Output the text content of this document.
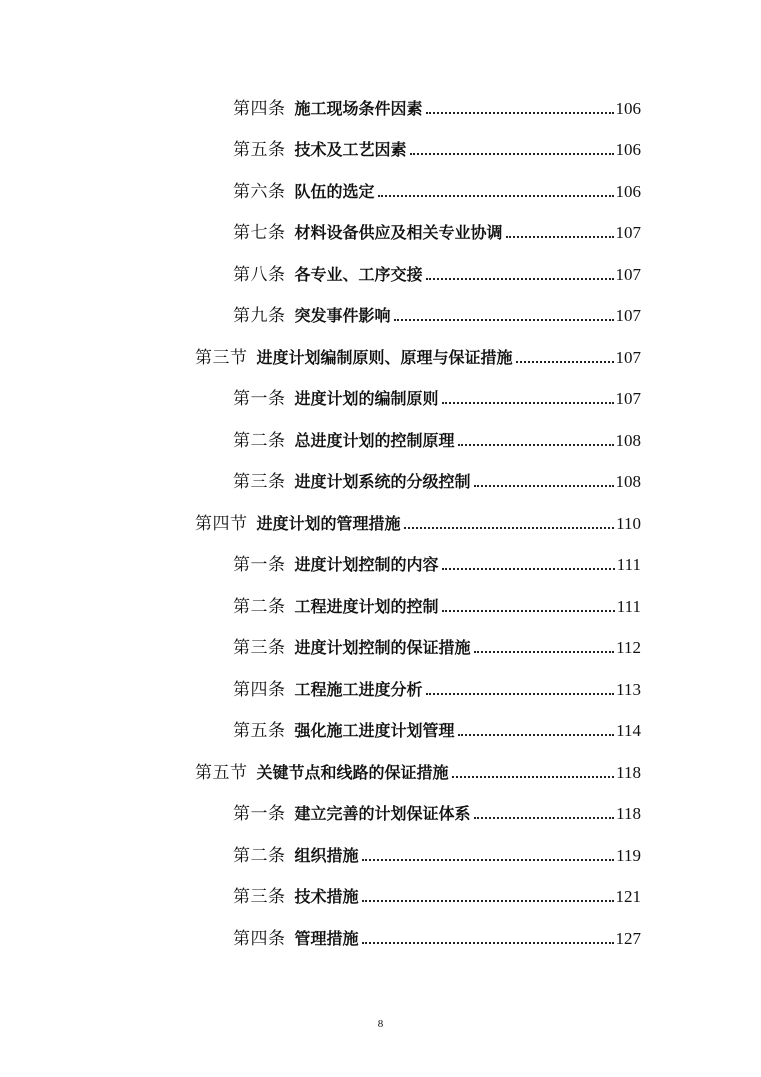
第四条 施工现场条件因素	106
第五条 技术及工艺因素	106
第六条 队伍的选定	106
第七条 材料设备供应及相关专业协调	107
第八条 各专业、工序交接	107
第九条 突发事件影响	107
第三节 进度计划编制原则、原理与保证措施	107
第一条 进度计划的编制原则	107
第二条 总进度计划的控制原理	108
第三条 进度计划系统的分级控制	108
第四节 进度计划的管理措施	110
第一条 进度计划控制的内容	111
第二条 工程进度计划的控制	111
第三条 进度计划控制的保证措施	112
第四条 工程施工进度分析	113
第五条 强化施工进度计划管理	114
第五节 关键节点和线路的保证措施	118
第一条 建立完善的计划保证体系	118
第二条 组织措施	119
第三条 技术措施	121
第四条 管理措施	127
8
